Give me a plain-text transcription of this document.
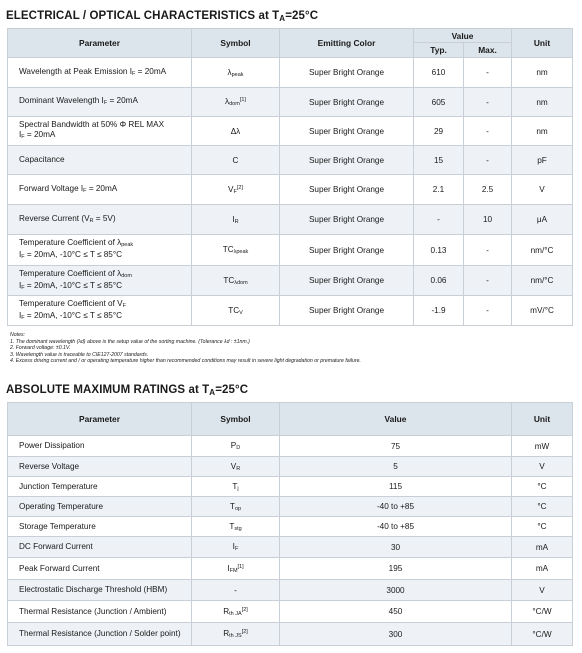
ELECTRICAL / OPTICAL CHARACTERISTICS at $T_A=25^\circ C$
Parameter	Symbol	Emitting Color	Value		Unit
			Typ.	Max.	

Wavelength at Peak Emission $I_F = 20mA$	$\lambda_{peak}$	Super Bright Orange	610	-	nm

Dominant Wavelength $I_F = 20mA$	$\lambda_{dom}[1]$	Super Bright Orange	605	-	nm

Spectral Bandwidth at 50% Φ REL MAX
$I_F = 20mA$	Δλ	Super Bright Orange	29	-	nm

Capacitance	C	Super Bright Orange	15	-	pF

Forward Voltage $I_F = 20mA$	$V_F[2]$	Super Bright Orange	2.1	2.5	V

Reverse Current $(V_R = 5V)$	$I_R$	Super Bright Orange	-	10	μA

Temperature Coefficient of $\lambda_{peak}$
$I_F = 20mA$, -10°C ≤ T ≤ 85°C	$TC_{\lambda peak}$	Super Bright Orange	0.13	-	nm/°C

Temperature Coefficient of $\lambda_{dom}$
$I_F = 20mA$, -10°C ≤ T ≤ 85°C	$TC_{\lambda dom}$	Super Bright Orange	0.06	-	nm/°C

Temperature Coefficient of $V_F$
$I_F = 20mA$, -10°C ≤ T ≤ 85°C	$TC_V$	Super Bright Orange	-1.9	-	mV/°C
Notes:
1. The dominant wavelength (λd) above is the setup value of the sorting machine. (Tolerance λd : ±1nm.)
2. Forward voltage: ±0.1V.
3. Wavelength value is traceable to CIE127-2007 standards.
4. Excess driving current and / or operating temperature higher than recommended conditions may result in severe light degradation or premature failure.
ABSOLUTE MAXIMUM RATINGS at $T_A=25^\circ C$
Parameter	Symbol	Value	Unit
Power Dissipation	$P_D$	75	mW
Reverse Voltage	$V_R$	5	V
Junction Temperature	$T_j$	115	°C
Operating Temperature	$T_{op}$	-40 to +85	°C
Storage Temperature	$T_{stg}$	-40 to +85	°C
DC Forward Current	$I_F$	30	mA
Peak Forward Current	$I_{FM}[1]$	195	mA
Electrostatic Discharge Threshold (HBM)	-	3000	V
Thermal Resistance (Junction / Ambient)	$R_{th JA}[2]$	450	°C/W
Thermal Resistance (Junction / Solder point)	$R_{th JS}[2]$	300	°C/W
